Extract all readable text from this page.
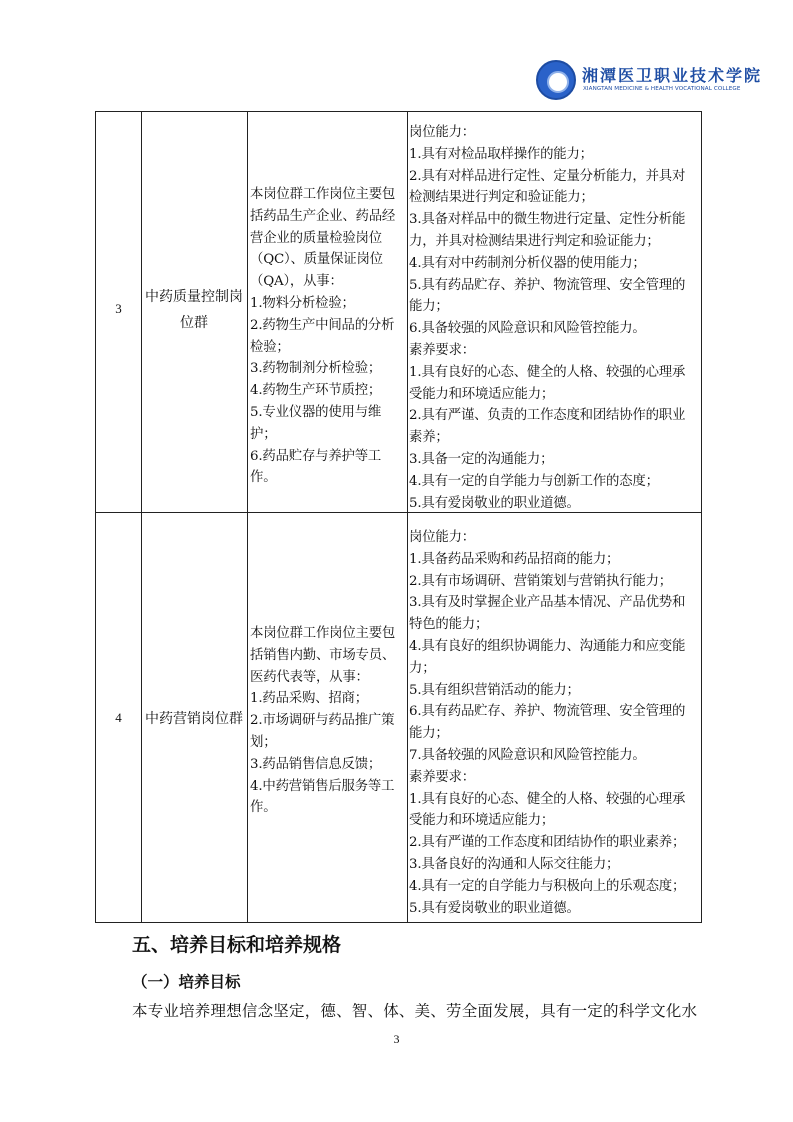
湘潭医卫职业技术学院
XIANGTAN MEDICINE & HEALTH VOCATIONAL COLLEGE
3
中药质量控制岗
位群
本岗位群工作岗位主要包
括药品生产企业、药品经
营企业的质量检验岗位
（QC）、质量保证岗位
（QA），从事：
1.物料分析检验；
2.药物生产中间品的分析
检验；
3.药物制剂分析检验；
4.药物生产环节质控；
5.专业仪器的使用与维护；
6.药品贮存与养护等工作。
岗位能力：
1.具有对检品取样操作的能力；
2.具有对样品进行定性、定量分析能力，并具对
检测结果进行判定和验证能力；
3.具备对样品中的微生物进行定量、定性分析能
力，并具对检测结果进行判定和验证能力；
4.具有对中药制剂分析仪器的使用能力；
5.具有药品贮存、养护、物流管理、安全管理的
能力；
6.具备较强的风险意识和风险管控能力。
素养要求：
1.具有良好的心态、健全的人格、较强的心理承
受能力和环境适应能力；
2.具有严谨、负责的工作态度和团结协作的职业
素养；
3.具备一定的沟通能力；
4.具有一定的自学能力与创新工作的态度；
5.具有爱岗敬业的职业道德。
4	中药营销岗位群
本岗位群工作岗位主要包
括销售内勤、市场专员、
医药代表等，从事：
1.药品采购、招商；
2.市场调研与药品推广策
划；
3.药品销售信息反馈；
4.中药营销售后服务等工
作。
岗位能力：
1.具备药品采购和药品招商的能力；
2.具有市场调研、营销策划与营销执行能力；
3.具有及时掌握企业产品基本情况、产品优势和
特色的能力；
4.具有良好的组织协调能力、沟通能力和应变能
力；
5.具有组织营销活动的能力；
6.具有药品贮存、养护、物流管理、安全管理的
能力；
7.具备较强的风险意识和风险管控能力。
素养要求：
1.具有良好的心态、健全的人格、较强的心理承
受能力和环境适应能力；
2.具有严谨的工作态度和团结协作的职业素养；
3.具备良好的沟通和人际交往能力；
4.具有一定的自学能力与积极向上的乐观态度；
5.具有爱岗敬业的职业道德。
五、培养目标和培养规格
（一）培养目标
本专业培养理想信念坚定，德、智、体、美、劳全面发展，具有一定的科学文化水
3
